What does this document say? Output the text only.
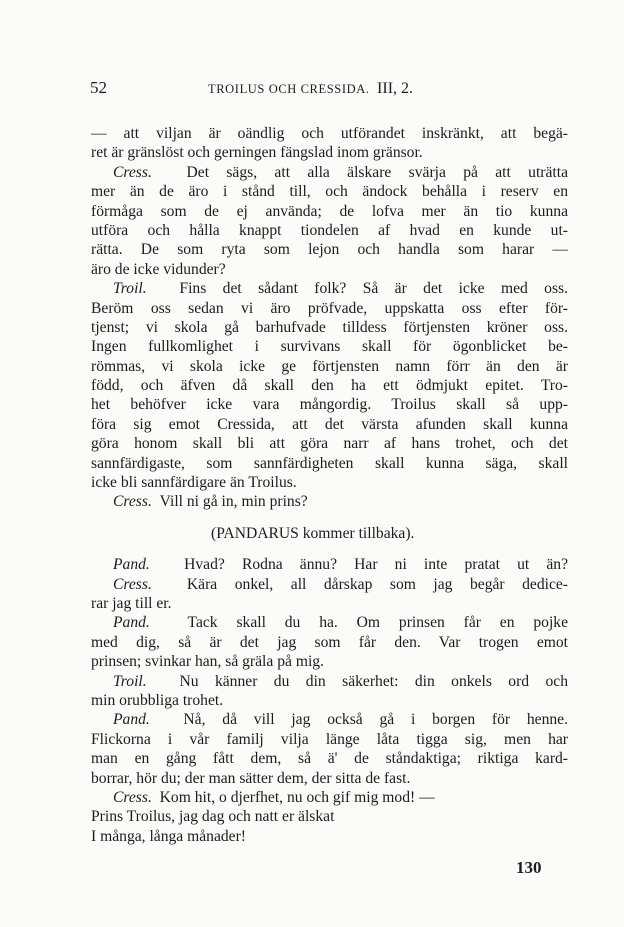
52	TROILUS OCH CRESSIDA. III, 2.
— att viljan är oändlig och utförandet inskränkt, att begä-
ret är gränslöst och gerningen fängslad inom gränsor.
Cress. Det sägs, att alla älskare svärja på att uträtta
mer än de äro i stånd till, och ändock behålla i reserv en
förmåga som de ej använda; de lofva mer än tio kunna
utföra och hålla knappt tiondelen af hvad en kunde ut-
rätta. De som ryta som lejon och handla som harar —
äro de icke vidunder?
Troil. Fins det sådant folk? Så är det icke med oss.
Beröm oss sedan vi äro pröfvade, uppskatta oss efter för-
tjenst; vi skola gå barhufvade tilldess förtjensten kröner oss.
Ingen fullkomlighet i survivans skall för ögonblicket be-
römmas, vi skola icke ge förtjensten namn förr än den är
född, och äfven då skall den ha ett ödmjukt epitet. Tro-
het behöfver icke vara mångordig. Troilus skall så upp-
föra sig emot Cressida, att det värsta afunden skall kunna
göra honom skall bli att göra narr af hans trohet, och det
sannfärdigaste, som sannfärdigheten skall kunna säga, skall
icke bli sannfärdigare än Troilus.
Cress. Vill ni gå in, min prins?
(PANDARUS kommer tillbaka).
Pand. Hvad? Rodna ännu? Har ni inte pratat ut än?
Cress. Kära onkel, all dårskap som jag begår dedice-
rar jag till er.
Pand. Tack skall du ha. Om prinsen får en pojke
med dig, så är det jag som får den. Var trogen emot
prinsen; svinkar han, så gräla på mig.
Troil. Nu känner du din säkerhet: din onkels ord och
min orubbliga trohet.
Pand. Nå, då vill jag också gå i borgen för henne.
Flickorna i vår familj vilja länge låta tigga sig, men har
man en gång fått dem, så ä' de ståndaktiga; riktiga kard-
borrar, hör du; der man sätter dem, der sitta de fast.
Cress. Kom hit, o djerfhet, nu och gif mig mod! —
Prins Troilus, jag dag och natt er älskat
I många, långa månader!
130
